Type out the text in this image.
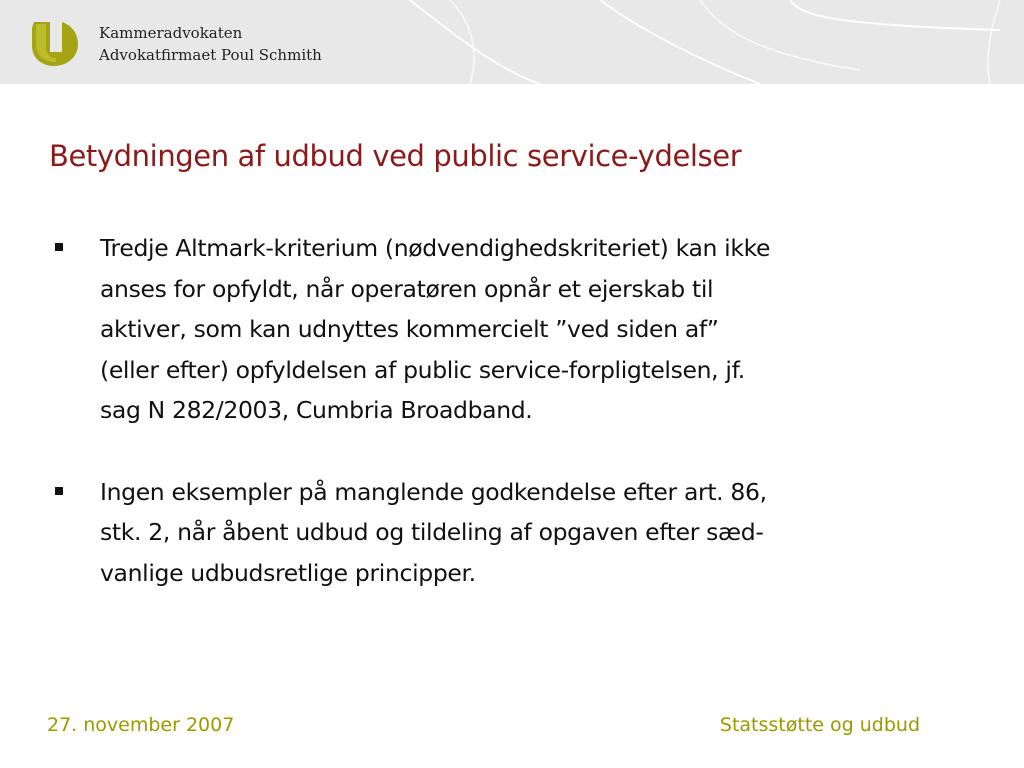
Kammeradvokaten
Advokatfirmaet Poul Schmith
Betydningen af udbud ved public service-ydelser
Tredje Altmark-kriterium (nødvendighedskriteriet) kan ikke
anses for opfyldt, når operatøren opnår et ejerskab til
aktiver, som kan udnyttes kommercielt ”ved siden af”
(eller efter) opfyldelsen af public service-forpligtelsen, jf.
sag N 282/2003, Cumbria Broadband.
Ingen eksempler på manglende godkendelse efter art. 86,
stk. 2, når åbent udbud og tildeling af opgaven efter sæd-
vanlige udbudsretlige principper.
27. november 2007	Statsstøtte og udbud
